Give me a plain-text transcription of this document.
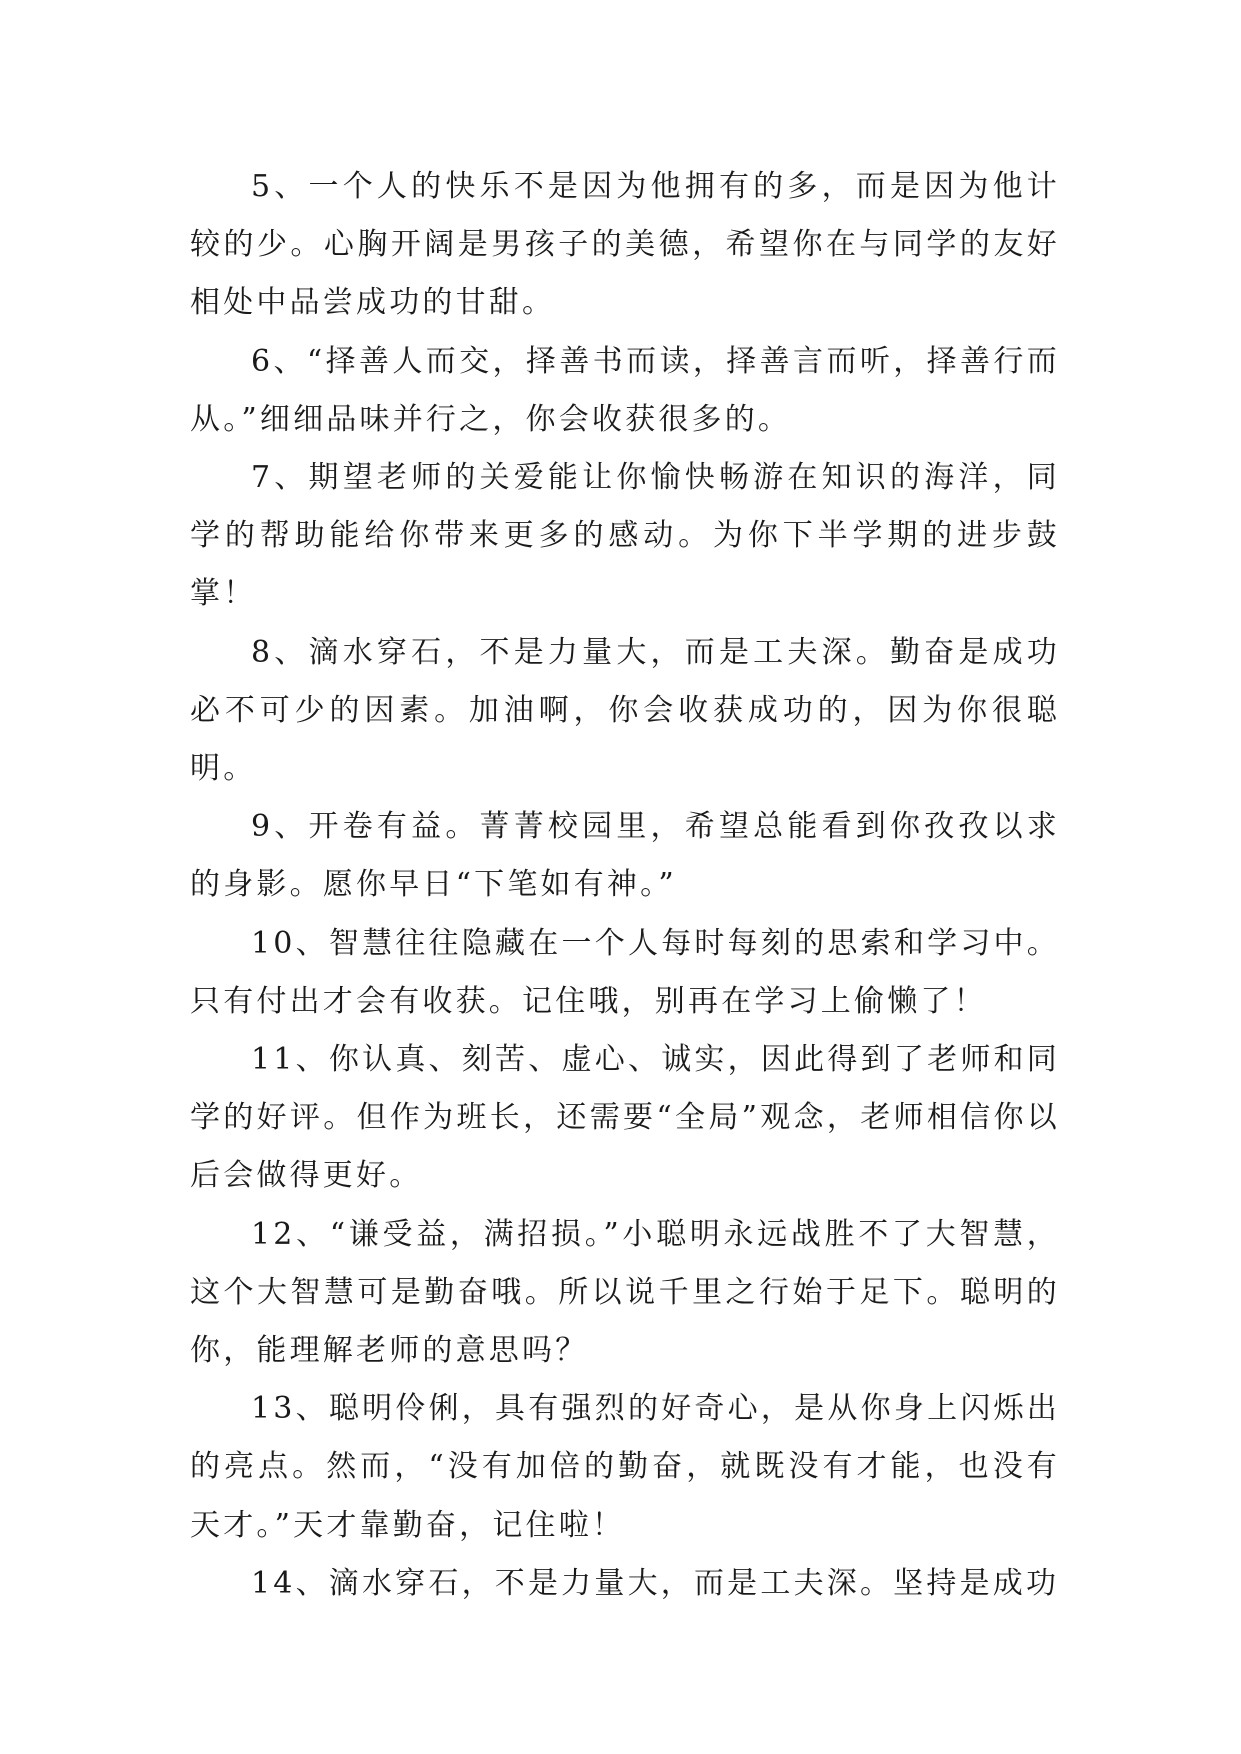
5、一个人的快乐不是因为他拥有的多，而是因为他计较的少。心胸开阔是男孩子的美德，希望你在与同学的友好相处中品尝成功的甘甜。

6、“择善人而交，择善书而读，择善言而听，择善行而从。”细细品味并行之，你会收获很多的。

7、期望老师的关爱能让你愉快畅游在知识的海洋，同学的帮助能给你带来更多的感动。为你下半学期的进步鼓掌！

8、滴水穿石，不是力量大，而是工夫深。勤奋是成功必不可少的因素。加油啊，你会收获成功的，因为你很聪明。

9、开卷有益。菁菁校园里，希望总能看到你孜孜以求的身影。愿你早日“下笔如有神。”

10、智慧往往隐藏在一个人每时每刻的思索和学习中。只有付出才会有收获。记住哦，别再在学习上偷懒了！

11、你认真、刻苦、虚心、诚实，因此得到了老师和同学的好评。但作为班长，还需要“全局”观念，老师相信你以后会做得更好。

12、“谦受益，满招损。”小聪明永远战胜不了大智慧，这个大智慧可是勤奋哦。所以说千里之行始于足下。聪明的你，能理解老师的意思吗？

13、聪明伶俐，具有强烈的好奇心，是从你身上闪烁出的亮点。然而，“没有加倍的勤奋，就既没有才能，也没有天才。”天才靠勤奋，记住啦！

14、滴水穿石，不是力量大，而是工夫深。坚持是成功
